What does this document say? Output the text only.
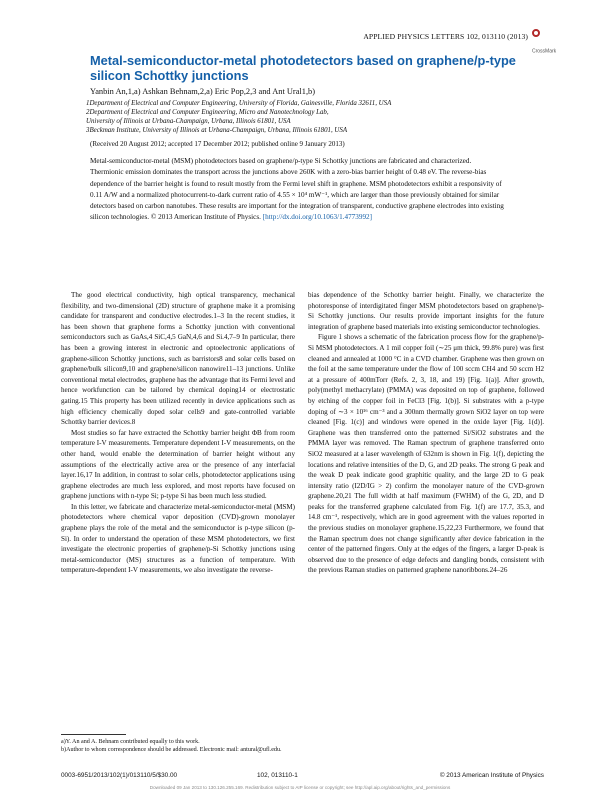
APPLIED PHYSICS LETTERS 102, 013110 (2013)
CrossMark
Metal-semiconductor-metal photodetectors based on graphene/p-type silicon Schottky junctions
Yanbin An,1,a) Ashkan Behnam,2,a) Eric Pop,2,3 and Ant Ural1,b)
1Department of Electrical and Computer Engineering, University of Florida, Gainesville, Florida 32611, USA
2Department of Electrical and Computer Engineering, Micro and Nanotechnology Lab,
University of Illinois at Urbana-Champaign, Urbana, Illinois 61801, USA
3Beckman Institute, University of Illinois at Urbana-Champaign, Urbana, Illinois 61801, USA
(Received 20 August 2012; accepted 17 December 2012; published online 9 January 2013)
Metal-semiconductor-metal (MSM) photodetectors based on graphene/p-type Si Schottky junctions are fabricated and characterized. Thermionic emission dominates the transport across the junctions above 260K with a zero-bias barrier height of 0.48 eV. The reverse-bias dependence of the barrier height is found to result mostly from the Fermi level shift in graphene. MSM photodetectors exhibit a responsivity of 0.11 A/W and a normalized photocurrent-to-dark current ratio of 4.55 × 10⁴ mW⁻¹, which are larger than those previously obtained for similar detectors based on carbon nanotubes. These results are important for the integration of transparent, conductive graphene electrodes into existing silicon technologies. © 2013 American Institute of Physics. [http://dx.doi.org/10.1063/1.4773992]

The good electrical conductivity, high optical transparency, mechanical flexibility, and two-dimensional (2D) structure of graphene make it a promising candidate for transparent and conductive electrodes.1–3 In the recent studies, it has been shown that graphene forms a Schottky junction with conventional semiconductors such as GaAs,4 SiC,4,5 GaN,4,6 and Si.4,7–9 In particular, there has been a growing interest in electronic and optoelectronic applications of graphene-silicon Schottky junctions, such as barristors8 and solar cells based on graphene/bulk silicon9,10 and graphene/silicon nanowire11–13 junctions. Unlike conventional metal electrodes, graphene has the advantage that its Fermi level and hence workfunction can be tailored by chemical doping14 or electrostatic gating.15 This property has been utilized recently in device applications such as high efficiency chemically doped solar cells9 and gate-controlled variable Schottky barrier devices.8

Most studies so far have extracted the Schottky barrier height ΦB from room temperature I-V measurements. Temperature dependent I-V measurements, on the other hand, would enable the determination of barrier height without any assumptions of the electrically active area or the presence of any interfacial layer.16,17 In addition, in contrast to solar cells, photodetector applications using graphene electrodes are much less explored, and most reports have focused on graphene junctions with n-type Si; p-type Si has been much less studied.

In this letter, we fabricate and characterize metal-semiconductor-metal (MSM) photodetectors where chemical vapor deposition (CVD)-grown monolayer graphene plays the role of the metal and the semiconductor is p-type silicon (p-Si). In order to understand the operation of these MSM photodetectors, we first investigate the electronic properties of graphene/p-Si Schottky junctions using metal-semiconductor (MS) structures as a function of temperature. With temperature-dependent I-V measurements, we also investigate the reverse-

bias dependence of the Schottky barrier height. Finally, we characterize the photoresponse of interdigitated finger MSM photodetectors based on graphene/p-Si Schottky junctions. Our results provide important insights for the future integration of graphene based materials into existing semiconductor technologies.

Figure 1 shows a schematic of the fabrication process flow for the graphene/p-Si MSM photodetectors. A 1 mil copper foil (∼25 μm thick, 99.8% pure) was first cleaned and annealed at 1000 °C in a CVD chamber. Graphene was then grown on the foil at the same temperature under the flow of 100 sccm CH4 and 50 sccm H2 at a pressure of 400mTorr (Refs. 2, 3, 18, and 19) [Fig. 1(a)]. After growth, poly(methyl methacrylate) (PMMA) was deposited on top of graphene, followed by etching of the copper foil in FeCl3 [Fig. 1(b)]. Si substrates with a p-type doping of ∼3 × 10¹⁶ cm⁻³ and a 300nm thermally grown SiO2 layer on top were cleaned [Fig. 1(c)] and windows were opened in the oxide layer [Fig. 1(d)]. Graphene was then transferred onto the patterned Si/SiO2 substrates and the PMMA layer was removed. The Raman spectrum of graphene transferred onto SiO2 measured at a laser wavelength of 632nm is shown in Fig. 1(f), depicting the locations and relative intensities of the D, G, and 2D peaks. The strong G peak and the weak D peak indicate good graphitic quality, and the large 2D to G peak intensity ratio (I2D/IG > 2) confirm the monolayer nature of the CVD-grown graphene.20,21 The full width at half maximum (FWHM) of the G, 2D, and D peaks for the transferred graphene calculated from Fig. 1(f) are 17.7, 35.3, and 14.8 cm⁻¹, respectively, which are in good agreement with the values reported in the previous studies on monolayer graphene.15,22,23 Furthermore, we found that the Raman spectrum does not change significantly after device fabrication in the center of the patterned fingers. Only at the edges of the fingers, a larger D-peak is observed due to the presence of edge defects and dangling bonds, consistent with the previous Raman studies on patterned graphene nanoribbons.24–26

a)Y. An and A. Behnam contributed equally to this work.
b)Author to whom correspondence should be addressed. Electronic mail: antural@ufl.edu.
0003-6951/2013/102(1)/013110/5/$30.00	102, 013110-1	© 2013 American Institute of Physics
Downloaded 09 Jan 2013 to 130.126.255.169. Redistribution subject to AIP license or copyright; see http://apl.aip.org/about/rights_and_permissions
